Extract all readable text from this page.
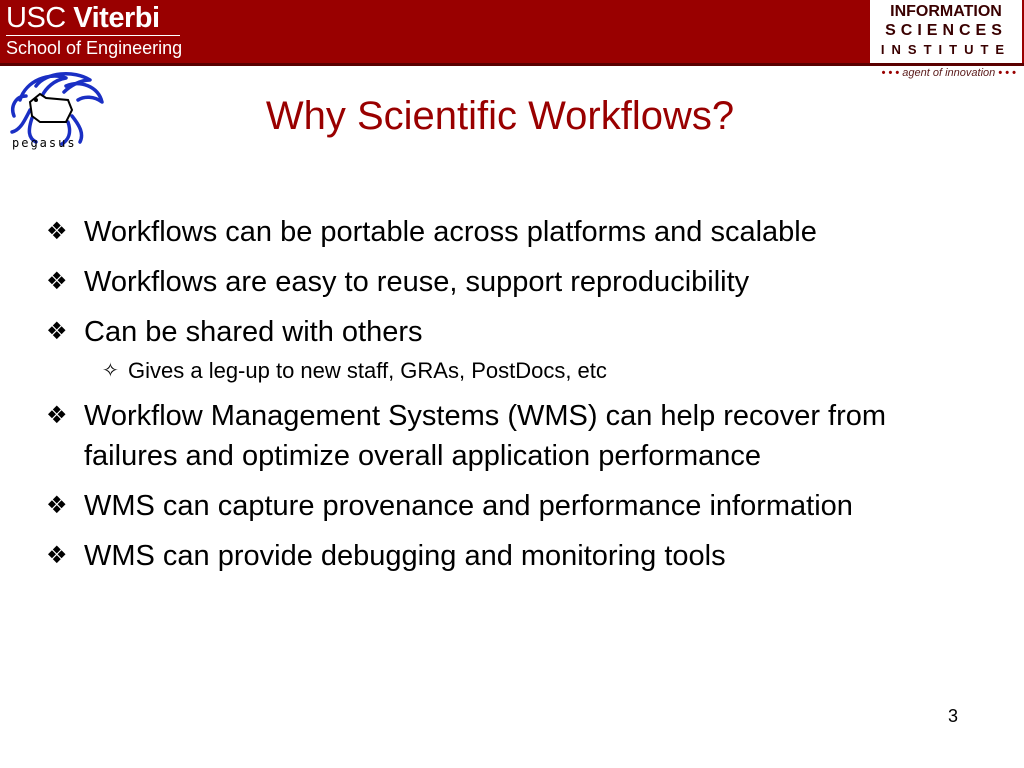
USC Viterbi
School of Engineering
INFORMATION
SCIENCES
INSTITUTE
• • • agent of innovation • • •
pegasus
Why Scientific Workflows?
❖ Workflows can be portable across platforms and scalable
❖ Workflows are easy to reuse, support reproducibility
❖ Can be shared with others
✧ Gives a leg-up to new staff, GRAs, PostDocs, etc
❖ Workflow Management Systems (WMS) can help recover from failures and optimize overall application performance
❖ WMS can capture provenance and performance information
❖ WMS can provide debugging and monitoring tools
3
